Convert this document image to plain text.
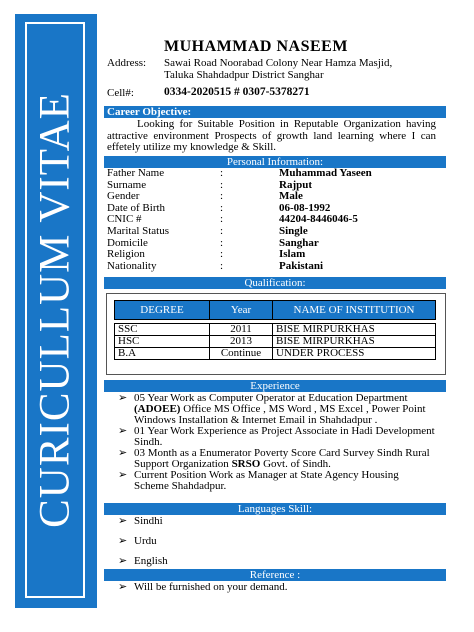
CURICULLUM VITAE
MUHAMMAD NASEEM
Address: Sawai Road Noorabad Colony Near Hamza Masjid,
Taluka Shahdadpur District Sanghar
Cell#:	0334-2020515 # 0307-5378271
Career Objective:
Looking for Suitable Position in Reputable Organization having attractive environment Prospects of growth land learning where I can effetely utilize my knowledge & Skill.
Personal Information:
Father Name	:	Muhammad Yaseen
Surname	:	Rajput
Gender	:	Male
Date of Birth	:	06-08-1992
CNIC #	:	44204-8446046-5
Marital Status	:	Single
Domicile	:	Sanghar
Religion	:	Islam
Nationality	:	Pakistani
Qualification:
DEGREE	Year	NAME OF INSTITUTION

SSC	2011	BISE MIRPURKHAS
HSC	2013	BISE MIRPURKHAS
B.A	Continue	UNDER PROCESS
Experience
➢ 05 Year Work as Computer Operator at Education Department (ADOEE) Office MS Office , MS Word , MS Excel , Power Point Windows Installation & Internet Email in Shahdadpur .
➢ 01 Year Work Experience as Project Associate in Hadi Development Sindh.
➢ 03 Month as a Enumerator Poverty Score Card Survey Sindh Rural Support Organization SRSO Govt. of Sindh.
➢ Current Position Work as Manager at State Agency Housing Scheme Shahdadpur.
Languages Skill:
➢ Sindhi
➢ Urdu
➢ English
Reference :
➢ Will be furnished on your demand.
